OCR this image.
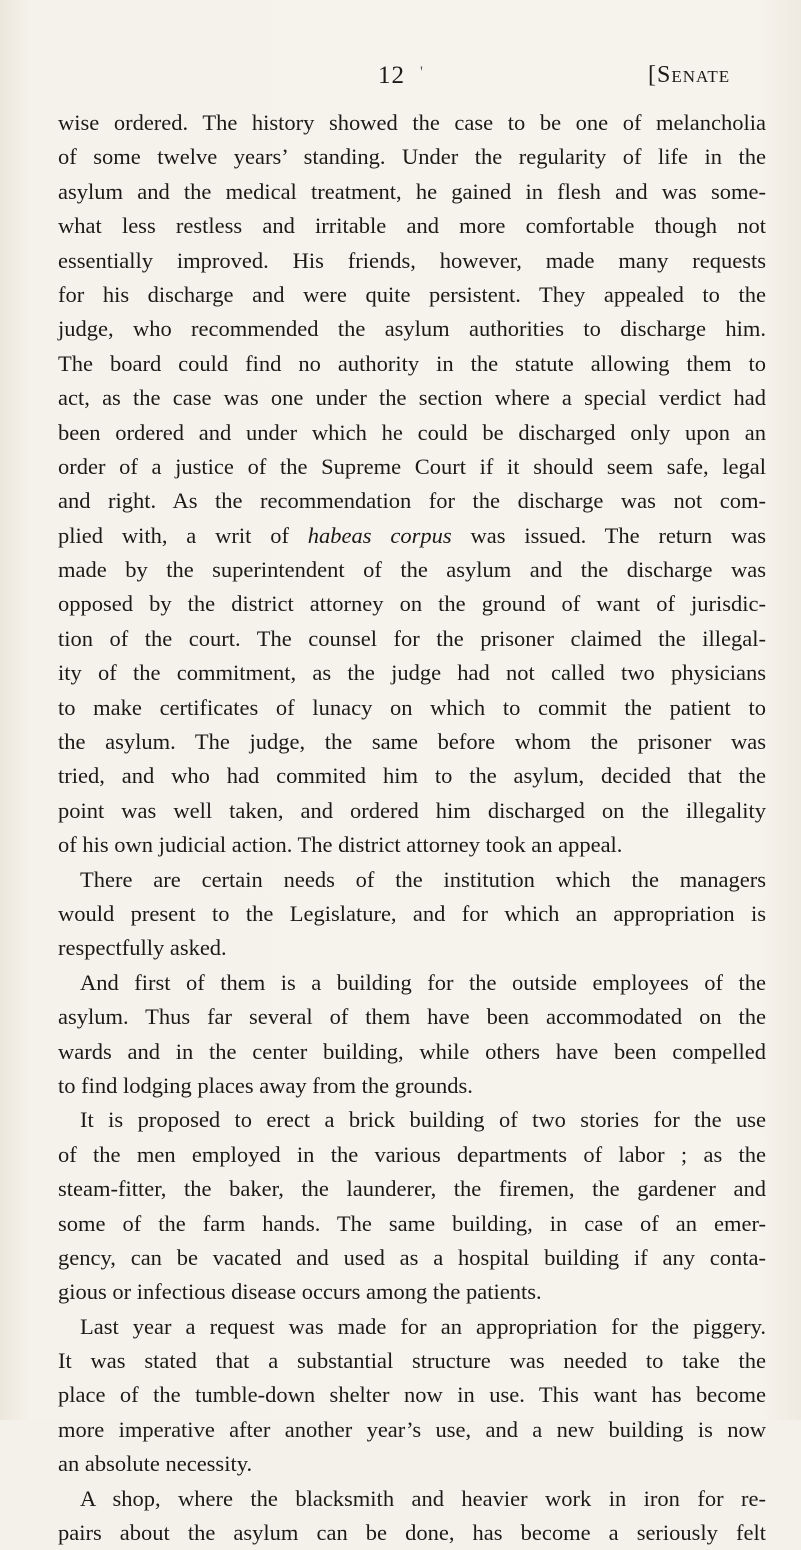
12 '	[Senate
wise ordered. The history showed the case to be one of melancholia
of some twelve years’ standing. Under the regularity of life in the
asylum and the medical treatment, he gained in flesh and was some-
what less restless and irritable and more comfortable though not
essentially improved. His friends, however, made many requests
for his discharge and were quite persistent. They appealed to the
judge, who recommended the asylum authorities to discharge him.
The board could find no authority in the statute allowing them to
act, as the case was one under the section where a special verdict had
been ordered and under which he could be discharged only upon an
order of a justice of the Supreme Court if it should seem safe, legal
and right. As the recommendation for the discharge was not com-
plied with, a writ of habeas corpus was issued. The return was
made by the superintendent of the asylum and the discharge was
opposed by the district attorney on the ground of want of jurisdic-
tion of the court. The counsel for the prisoner claimed the illegal-
ity of the commitment, as the judge had not called two physicians
to make certificates of lunacy on which to commit the patient to
the asylum. The judge, the same before whom the prisoner was
tried, and who had commited him to the asylum, decided that the
point was well taken, and ordered him discharged on the illegality
of his own judicial action. The district attorney took an appeal.
There are certain needs of the institution which the managers
would present to the Legislature, and for which an appropriation is
respectfully asked.
And first of them is a building for the outside employees of the
asylum. Thus far several of them have been accommodated on the
wards and in the center building, while others have been compelled
to find lodging places away from the grounds.
It is proposed to erect a brick building of two stories for the use
of the men employed in the various departments of labor ; as the
steam-fitter, the baker, the launderer, the firemen, the gardener and
some of the farm hands. The same building, in case of an emer-
gency, can be vacated and used as a hospital building if any conta-
gious or infectious disease occurs among the patients.
Last year a request was made for an appropriation for the piggery.
It was stated that a substantial structure was needed to take the
place of the tumble-down shelter now in use. This want has become
more imperative after another year’s use, and a new building is now
an absolute necessity.
A shop, where the blacksmith and heavier work in iron for re-
pairs about the asylum can be done, has become a seriously felt
